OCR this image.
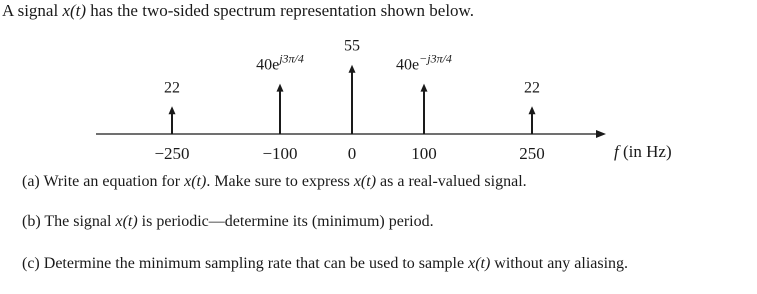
A signal x(t) has the two-sided spectrum representation shown below.
f (in Hz)
22
$40e^{j3\pi/4}$
55
$40e^{-j3\pi/4}$
22
−250	−100	0	100	250
(a) Write an equation for x(t). Make sure to express x(t) as a real-valued signal.
(b) The signal x(t) is periodic—determine its (minimum) period.
(c) Determine the minimum sampling rate that can be used to sample x(t) without any aliasing.
